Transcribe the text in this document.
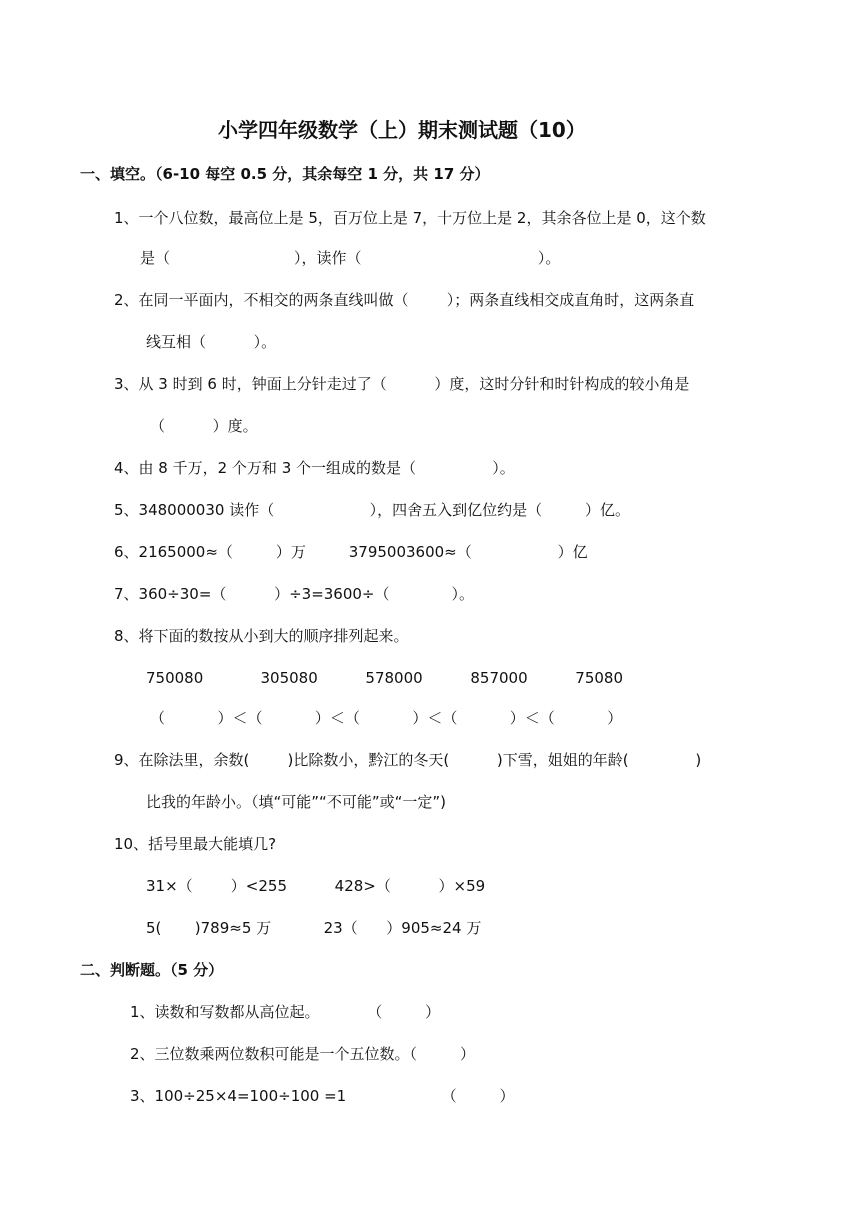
小学四年级数学（上）期末测试题（10）
一、填空。（6-10 每空 0.5 分，其余每空 1 分，共 17 分）
1、一个八位数，最高位上是 5，百万位上是 7，十万位上是 2，其余各位上是 0，这个数
是（                          ），读作（                                     ）。
2、在同一平面内，不相交的两条直线叫做（        ）；两条直线相交成直角时，这两条直
线互相（          ）。
3、从 3 时到 6 时，钟面上分针走过了（          ）度，这时分针和时针构成的较小角是
（          ）度。
4、由 8 千万，2 个万和 3 个一组成的数是（                ）。
5、348000030 读作（                    ），四舍五入到亿位约是（         ）亿。
6、2165000≈（         ）万         3795003600≈（                  ）亿
7、360÷30=（          ）÷3=3600÷（             ）。
8、将下面的数按从小到大的顺序排列起来。
750080            305080          578000          857000          75080
（           ）＜（           ）＜（           ）＜（           ）＜（           ）
9、在除法里，余数(        )比除数小，黔江的冬天(          )下雪，姐姐的年龄(              )
比我的年龄小。（填“可能”“不可能”或“一定”)
10、括号里最大能填几?
31×（        ）<255          428>（          ）×59
5(       )789≈5 万           23（      ）905≈24 万
二、判断题。（5 分）
1、读数和写数都从高位起。          （         ）
2、三位数乘两位数积可能是一个五位数。（         ）
3、100÷25×4=100÷100 =1                    （         ）
